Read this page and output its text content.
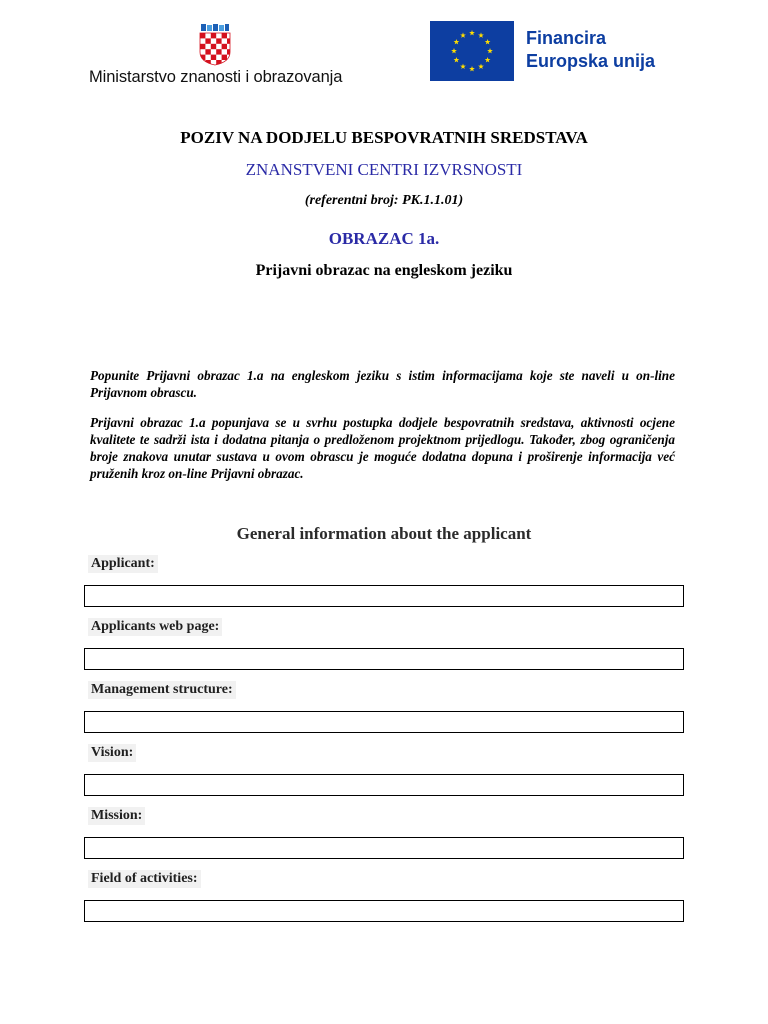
Ministarstvo znanosti i obrazovanja
Financira
Europska unija
POZIV NA DODJELU BESPOVRATNIH SREDSTAVA
ZNANSTVENI CENTRI IZVRSNOSTI
(referentni broj: PK.1.1.01)
OBRAZAC 1a.
Prijavni obrazac na engleskom jeziku

Popunite Prijavni obrazac 1.a na engleskom jeziku s istim informacijama koje ste naveli u on-line Prijavnom obrascu.

Prijavni obrazac 1.a popunjava se u svrhu postupka dodjele bespovratnih sredstava, aktivnosti ocjene kvalitete te sadrži ista i dodatna pitanja o predloženom projektnom prijedlogu. Također, zbog ograničenja broje znakova unutar sustava u ovom obrascu je moguće dodatna dopuna i proširenje informacija već pruženih kroz on-line Prijavni obrazac.

General information about the applicant
Applicant:
Applicants web page:
Management structure:
Vision:
Mission:
Field of activities:
